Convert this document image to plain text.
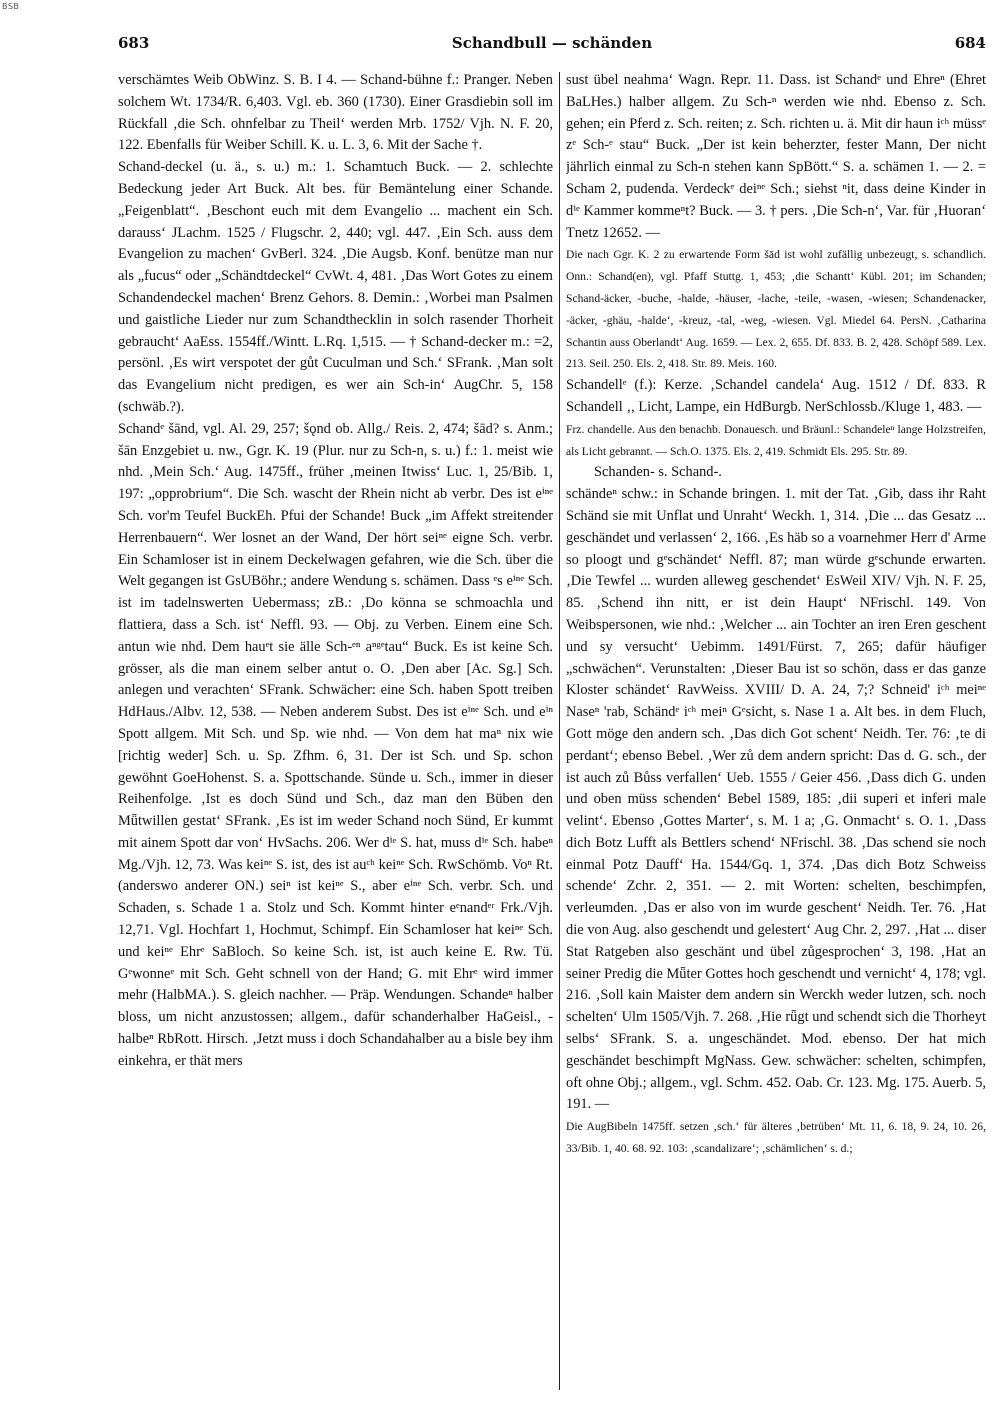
BSB
Schandbull — schänden
683	684

verschämtes Weib ObWinz. S. B. I 4. — Schand-bühne f.: Pranger. Neben solchem Wt. 1734/R. 6,403. Vgl. eb. 360 (1730). Einer Grasdiebin soll im Rückfall ‚die Sch. ohnfelbar zu Theil‘ werden Mrb. 1752/ Vjh. N. F. 20, 122. Ebenfalls für Weiber Schill. K. u. L. 3, 6. Mit der Sache †.

Schand-deckel (u. ä., s. u.) m.: 1. Schamtuch Buck. — 2. schlechte Bedeckung jeder Art Buck. Alt bes. für Bemäntelung einer Schande. „Feigenblatt“. ‚Beschont euch mit dem Evangelio ... machent ein Sch. darauss‘ JLachm. 1525 / Flugschr. 2, 440; vgl. 447. ‚Ein Sch. auss dem Evangelion zu machen‘ GvBerl. 324. ‚Die Augsb. Konf. benütze man nur als „fucus“ oder „Schändtdeckel“ CvWt. 4, 481. ‚Das Wort Gotes zu einem Schandendeckel machen‘ Brenz Gehors. 8. Demin.: ‚Worbei man Psalmen und gaistliche Lieder nur zum Schandthecklin in solch rasender Thorheit gebraucht‘ AaEss. 1554ff./Wintt. L.Rq. 1,515. — † Schand-decker m.: =2, persönl. ‚Es wirt verspotet der gůt Cuculman und Sch.‘ SFrank. ‚Man solt das Evangelium nicht predigen, es wer ain Sch-in‘ AugChr. 5, 158 (schwäb.?).

Schandᵉ šānd, vgl. Al. 29, 257; šǫnd ob. Allg./ Reis. 2, 474; šād? s. Anm.; šān Enzgebiet u. nw., Ggr. K. 19 (Plur. nur zu Sch-n, s. u.) f.: 1. meist wie nhd. ‚Mein Sch.‘ Aug. 1475ff., früher ‚meinen Itwiss‘ Luc. 1, 25/Bib. 1, 197: „opprobrium“. Die Sch. wascht der Rhein nicht ab verbr. Des ist eⁱⁿᵉ Sch. vor'm Teufel BuckEh. Pfui der Schande! Buck „im Affekt streitender Herrenbauern“. Wer losnet an der Wand, Der hört seiⁿᵉ eigne Sch. verbr. Ein Schamloser ist in einem Deckelwagen gefahren, wie die Sch. über die Welt gegangen ist GsUBöhr.; andere Wendung s. schämen. Dass ᵉs eⁱⁿᵉ Sch. ist im tadelnswerten Uebermass; zB.: ‚Do könna se schmoachla und flattiera, dass a Sch. ist‘ Neffl. 93. — Obj. zu Verben. Einem eine Sch. antun wie nhd. Dem hauᵉt sie älle Sch-ᵉⁿ aⁿᵍᵉtau“ Buck. Es ist keine Sch. grösser, als die man einem selber antut o. O. ‚Den aber [Ac. Sg.] Sch. anlegen und verachten‘ SFrank. Schwächer: eine Sch. haben Spott treiben HdHaus./Albv. 12, 538. — Neben anderem Subst. Des ist eⁱⁿᵉ Sch. und eⁱⁿ Spott allgem. Mit Sch. und Sp. wie nhd. — Von dem hat maⁿ nix wie [richtig weder] Sch. u. Sp. Zfhm. 6, 31. Der ist Sch. und Sp. schon gewöhnt GoeHohenst. S. a. Spottschande. Sünde u. Sch., immer in dieser Reihenfolge. ‚Ist es doch Sünd und Sch., daz man den Büben den Mǖtwillen gestat‘ SFrank. ‚Es ist im weder Schand noch Sünd, Er kummt mit ainem Spott dar von‘ HvSachs. 206. Wer dⁱᵉ S. hat, muss dⁱᵉ Sch. habeⁿ Mg./Vjh. 12, 73. Was keiⁿᵉ S. ist, des ist auᶜʰ keiⁿᵉ Sch. RwSchömb. Voⁿ Rt. (anderswo anderer ON.) seiⁿ ist keiⁿᵉ S., aber eⁱⁿᵉ Sch. verbr. Sch. und Schaden, s. Schade 1 a. Stolz und Sch. Kommt hinter eᵉnandᵉʳ Frk./Vjh. 12,71. Vgl. Hochfart 1, Hochmut, Schimpf. Ein Schamloser hat keiⁿᵉ Sch. und keiⁿᵉ Ehrᵉ SaBloch. So keine Sch. ist, ist auch keine E. Rw. Tü. Gᵉwonneᵉ mit Sch. Geht schnell von der Hand; G. mit Ehrᵉ wird immer mehr (HalbMA.). S. gleich nachher. — Präp. Wendungen. Schandeⁿ halber bloss, um nicht anzustossen; allgem., dafür schanderhalber HaGeisl., -halbeⁿ RbRott. Hirsch. ‚Jetzt muss i doch Schandahalber au a bisle bey ihm einkehra, er thät mers

sust übel neahma‘ Wagn. Repr. 11. Dass. ist Schandᵉ und Ehreⁿ (Ehret BaLHes.) halber allgem. Zu Sch-ⁿ werden wie nhd. Ebenso z. Sch. gehen; ein Pferd z. Sch. reiten; z. Sch. richten u. ä. Mit dir haun iᶜʰ müssᵉ zᵉ Sch-ᵉ stau“ Buck. „Der ist kein beherzter, fester Mann, Der nicht jährlich einmal zu Sch-n stehen kann SpBött.“ S. a. schämen 1. — 2. = Scham 2, pudenda. Verdeckᵉ deiⁿᵉ Sch.; siehst ⁿit, dass deine Kinder in dⁱᵉ Kammer kommeⁿt? Buck. — 3. † pers. ‚Die Sch-n‘, Var. für ‚Huoran‘ Tnetz 12652. —

Die nach Ggr. K. 2 zu erwartende Form šād ist wohl zufällig unbezeugt, s. schandlich. Onn.: Schand(en), vgl. Pfaff Stuttg. 1, 453; ‚die Schantt‘ Kübl. 201; im Schanden; Schand-äcker, -buche, -halde, -häuser, -lache, -teile, -wasen, -wiesen; Schandenacker, -äcker, -ghäu, -halde‘, -kreuz, -tal, -weg, -wiesen. Vgl. Miedel 64. PersN. ‚Catharina Schantin auss Oberlandt‘ Aug. 1659. — Lex. 2, 655. Df. 833. B. 2, 428. Schöpf 589. Lex. 213. Seil. 250. Els. 2, 418. Str. 89. Meis. 160.

Schandellᵉ (f.): Kerze. ‚Schandel candela‘ Aug. 1512 / Df. 833. R Schandell ‚, Licht, Lampe, ein HdBurgb. NerSchlossb./Kluge 1, 483. —

Frz. chandelle. Aus den benachb. Donauesch. und Bräunl.: Schandeleⁿ lange Holzstreifen, als Licht gebrannt. — Sch.O. 1375. Els. 2, 419. Schmidt Els. 295. Str. 89.

Schanden- s. Schand-.

schändeⁿ schw.: in Schande bringen. 1. mit der Tat. ‚Gib, dass ihr Raht Schänd sie mit Unflat und Unraht‘ Weckh. 1, 314. ‚Die ... das Gesatz ... geschändet und verlassen‘ 2, 166. ‚Es häb so a voarnehmer Herr d' Arme so ploogt und gᵉschändet‘ Neffl. 87; man würde gᵉschunde erwarten. ‚Die Tewfel ... wurden alleweg geschendet‘ EsWeil XIV/ Vjh. N. F. 25, 85. ‚Schend ihn nitt, er ist dein Haupt‘ NFrischl. 149. Von Weibspersonen, wie nhd.: ‚Welcher ... ain Tochter an iren Eren geschent und sy versucht‘ Uebimm. 1491/Fürst. 7, 265; dafür häufiger „schwächen“. Verunstalten: ‚Dieser Bau ist so schön, dass er das ganze Kloster schändet‘ RavWeiss. XVIII/ D. A. 24, 7;? Schneid' iᶜʰ meiⁿᵉ Naseⁿ 'rab, Schändᵉ iᶜʰ meiⁿ Gᵉsicht, s. Nase 1 a. Alt bes. in dem Fluch, Gott möge den andern sch. ‚Das dich Got schent‘ Neidh. Ter. 76: ‚te di perdant‘; ebenso Bebel. ‚Wer zů dem andern spricht: Das d. G. sch., der ist auch zů Bůss verfallen‘ Ueb. 1555 / Geier 456. ‚Dass dich G. unden und oben müss schenden‘ Bebel 1589, 185: ‚dii superi et inferi male velint‘. Ebenso ‚Gottes Marter‘, s. M. 1 a; ‚G. Onmacht‘ s. O. 1. ‚Dass dich Botz Lufft als Bettlers schend‘ NFrischl. 38. ‚Das schend sie noch einmal Potz Dauff‘ Ha. 1544/Gq. 1, 374. ‚Das dich Botz Schweiss schende‘ Zchr. 2, 351. — 2. mit Worten: schelten, beschimpfen, verleumden. ‚Das er also von im wurde geschent‘ Neidh. Ter. 76. ‚Hat die von Aug. also geschendt und gelestert‘ Aug Chr. 2, 297. ‚Hat ... diser Stat Ratgeben also geschänt und übel zůgesprochen‘ 3, 198. ‚Hat an seiner Predig die Mǖter Gottes hoch geschendt und vernicht‘ 4, 178; vgl. 216. ‚Soll kain Maister dem andern sin Werckh weder lutzen, sch. noch schelten‘ Ulm 1505/Vjh. 7. 268. ‚Hie rǖgt und schendt sich die Thorheyt selbs‘ SFrank. S. a. ungeschändet. Mod. ebenso. Der hat mich geschändet beschimpft MgNass. Gew. schwächer: schelten, schimpfen, oft ohne Obj.; allgem., vgl. Schm. 452. Oab. Cr. 123. Mg. 175. Auerb. 5, 191. —

Die AugBibeln 1475ff. setzen ‚sch.‘ für älteres ‚betrüben‘ Mt. 11, 6. 18, 9. 24, 10. 26, 33/Bib. 1, 40. 68. 92. 103: ‚scandalizare‘; ‚schämlichen‘ s. d.;
